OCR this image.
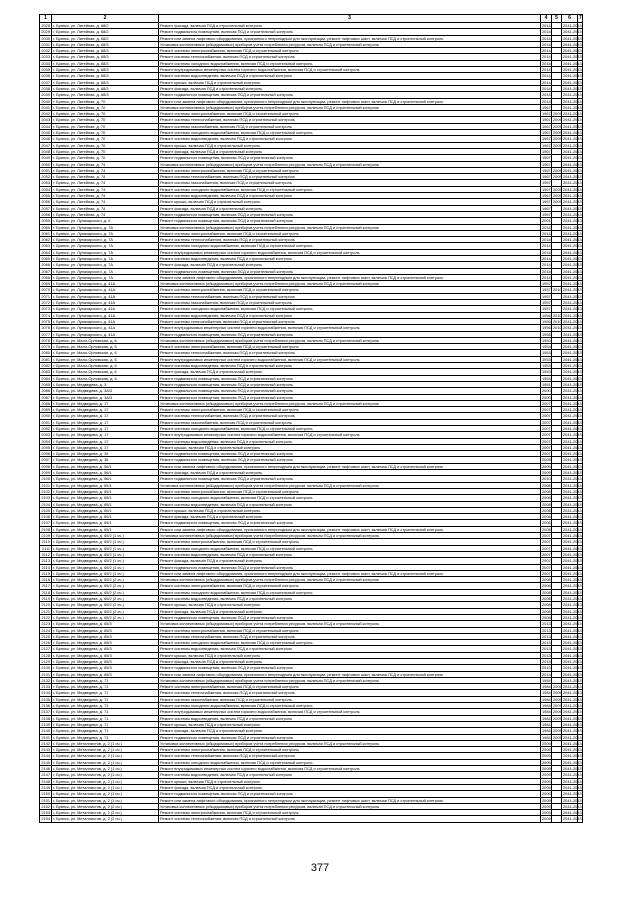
1	2	3	4	5	6	7
2028	г. Брянск, ул. Литейная, д. 68/2	Ремонт фасада, включая ПСД и строительный контроль	2014		2041-2043	
2029	г. Брянск, ул. Литейная, д. 68/2	Ремонт подвального помещения, включая ПСД и строительный контроль	2014		2041-2043	
2030	г. Брянск, ул. Литейная, д. 68/2	Ремонт или замена лифтового оборудования, признанного непригодным для эксплуатации, ремонт лифтовых шахт, включая ПСД и строительный контроль	2014		2041-2043	
2031	г. Брянск, ул. Литейная, д. 68/3	Установка коллективных (общедомовых) приборов учета потребления ресурсов, включая ПСД и строительный контроль	2014		2041-2043	
2032	г. Брянск, ул. Литейная, д. 68/3	Ремонт системы электроснабжения, включая ПСД и строительный контроль	2014		2041-2043	
2033	г. Брянск, ул. Литейная, д. 68/3	Ремонт системы теплоснабжения, включая ПСД и строительный контроль	2014		2041-2043	
2034	г. Брянск, ул. Литейная, д. 68/3	Ремонт системы холодного водоснабжения, включая ПСД и строительный контроль	2014		2041-2043	
2035	г. Брянск, ул. Литейная, д. 68/3	Ремонт внутридомовых инженерных систем горячего водоснабжения, включая ПСД и строительный контроль	2014		2041-2043	
2036	г. Брянск, ул. Литейная, д. 68/3	Ремонт системы водоотведения, включая ПСД и строительный контроль	2014		2041-2043	
2037	г. Брянск, ул. Литейная, д. 68/3	Ремонт крыши, включая ПСД и строительный контроль	2014		2041-2043	
2038	г. Брянск, ул. Литейная, д. 68/3	Ремонт фасада, включая ПСД и строительный контроль	2014		2041-2043	
2039	г. Брянск, ул. Литейная, д. 68/3	Ремонт подвального помещения, включая ПСД и строительный контроль	2014		2041-2043	
2040	г. Брянск, ул. Литейная, д. 70	Ремонт или замена лифтового оборудования, признанного непригодным для эксплуатации, ремонт лифтовых шахт, включая ПСД и строительный контроль	2014		2041-2043	
2041	г. Брянск, ул. Литейная, д. 70	Установка коллективных (общедомовых) приборов учета потребления ресурсов, включая ПСД и строительный контроль	1967		2041-2043	
2042	г. Брянск, ул. Литейная, д. 70	Ремонт системы электроснабжения, включая ПСД и строительный контроль	1967	2009	2041-2043	
2043	г. Брянск, ул. Литейная, д. 70	Ремонт системы теплоснабжения, включая ПСД и строительный контроль	1967	2009	2041-2043	
2044	г. Брянск, ул. Литейная, д. 70	Ремонт системы газоснабжения, включая ПСД и строительный контроль	1967	2009	2041-2043	
2045	г. Брянск, ул. Литейная, д. 70	Ремонт системы холодного водоснабжения, включая ПСД и строительный контроль	1967	2009	2041-2043	
2046	г. Брянск, ул. Литейная, д. 70	Ремонт системы водоотведения, включая ПСД и строительный контроль	1967	2009	2041-2043	
2047	г. Брянск, ул. Литейная, д. 70	Ремонт крыши, включая ПСД и строительный контроль	1967	2009	2041-2043	
2048	г. Брянск, ул. Литейная, д. 70	Ремонт фасада, включая ПСД и строительный контроль	1967		2041-2043	
2049	г. Брянск, ул. Литейная, д. 70	Ремонт подвального помещения, включая ПСД и строительный контроль	1967		2041-2043	
2050	г. Брянск, ул. Литейная, д. 74	Установка коллективных (общедомовых) приборов учета потребления ресурсов, включая ПСД и строительный контроль	1967		2041-2043	
2051	г. Брянск, ул. Литейная, д. 74	Ремонт системы электроснабжения, включая ПСД и строительный контроль	1967	2009	2041-2043	
2052	г. Брянск, ул. Литейная, д. 74	Ремонт системы теплоснабжения, включая ПСД и строительный контроль	1967	2009	2041-2043	
2053	г. Брянск, ул. Литейная, д. 74	Ремонт системы газоснабжения, включая ПСД и строительный контроль	1967		2041-2043	
2054	г. Брянск, ул. Литейная, д. 74	Ремонт системы холодного водоснабжения, включая ПСД и строительный контроль	1967	2009	2041-2043	
2055	г. Брянск, ул. Литейная, д. 74	Ремонт системы водоотведения, включая ПСД и строительный контроль	1967	2009	2041-2043	
2056	г. Брянск, ул. Литейная, д. 74	Ремонт крыши, включая ПСД и строительный контроль	1967	2009	2041-2043	
2057	г. Брянск, ул. Литейная, д. 74	Ремонт фасада, включая ПСД и строительный контроль	1967		2041-2043	
2058	г. Брянск, ул. Литейная, д. 74	Ремонт подвального помещения, включая ПСД и строительный контроль	1967		2041-2043	
2059	г. Брянск, ул. Луначарского, д. 5	Ремонт подвального помещения, включая ПСД и строительный контроль	2001		2041-2043	
2060	г. Брянск, ул. Луначарского, д. 7А	Установка коллективных (общедомовых) приборов учета потребления ресурсов, включая ПСД и строительный контроль	2014		2041-2043	
2061	г. Брянск, ул. Луначарского, д. 7А	Ремонт системы электроснабжения, включая ПСД и строительный контроль	2014		2041-2043	
2062	г. Брянск, ул. Луначарского, д. 7А	Ремонт системы теплоснабжения, включая ПСД и строительный контроль	2014		2041-2043	
2063	г. Брянск, ул. Луначарского, д. 7А	Ремонт системы холодного водоснабжения, включая ПСД и строительный контроль	2014		2041-2043	
2064	г. Брянск, ул. Луначарского, д. 7А	Ремонт внутридомовых инженерных систем горячего водоснабжения, включая ПСД и строительный контроль	2014		2041-2043	
2065	г. Брянск, ул. Луначарского, д. 7А	Ремонт системы водоотведения, включая ПСД и строительный контроль	2014		2041-2043	
2066	г. Брянск, ул. Луначарского, д. 7А	Ремонт фасада, включая ПСД и строительный контроль	2014		2041-2043	
2067	г. Брянск, ул. Луначарского, д. 7А	Ремонт подвального помещения, включая ПСД и строительный контроль	2014		2041-2043	
2068	г. Брянск, ул. Луначарского, д. 7А	Ремонт или замена лифтового оборудования, признанного непригодным для эксплуатации, ремонт лифтовых шахт, включая ПСД и строительный контроль	2014		2041-2043	
2069	г. Брянск, ул. Луначарского, д. 41А	Установка коллективных (общедомовых) приборов учета потребления ресурсов, включая ПСД и строительный контроль	1957		2041-2043	
2070	г. Брянск, ул. Луначарского, д. 41А	Ремонт системы электроснабжения, включая ПСД и строительный контроль	1957	2010	2041-2043	
2071	г. Брянск, ул. Луначарского, д. 41А	Ремонт системы теплоснабжения, включая ПСД и строительный контроль	1957		2041-2043	
2072	г. Брянск, ул. Луначарского, д. 41А	Ремонт системы газоснабжения, включая ПСД и строительный контроль	1957		2041-2043	
2073	г. Брянск, ул. Луначарского, д. 41А	Ремонт системы холодного водоснабжения, включая ПСД и строительный контроль	1957		2041-2043	
2074	г. Брянск, ул. Луначарского, д. 41А	Ремонт системы водоотведения, включая ПСД и строительный контроль	1956	2010	2041-2043	
2075	г. Брянск, ул. Луначарского, д. 41А	Ремонт системы теплоснабжения, включая ПСД и строительный контроль	1956	2010	2041-2043	
2076	г. Брянск, ул. Луначарского, д. 41А	Ремонт внутридомовых инженерных систем горячего водоснабжения, включая ПСД и строительный контроль	1956	2010	2041-2043	
2077	г. Брянск, ул. Луначарского, д. 41А	Ремонт подвального помещения, включая ПСД и строительный контроль	1956		2041-2043	
2078	г. Брянск, ул. Мало-Орловская, д. 6	Установка коллективных (общедомовых) приборов учета потребления ресурсов, включая ПСД и строительный контроль	1953		2041-2043	
2079	г. Брянск, ул. Мало-Орловская, д. 6	Ремонт системы электроснабжения, включая ПСД и строительный контроль	1953		2041-2043	
2080	г. Брянск, ул. Мало-Орловская, д. 6	Ремонт системы теплоснабжения, включая ПСД и строительный контроль	1953		2041-2043	
2081	г. Брянск, ул. Мало-Орловская, д. 6	Ремонт внутридомовых инженерных систем горячего водоснабжения, включая ПСД и строительный контроль	1953		2041-2043	
2082	г. Брянск, ул. Мало-Орловская, д. 6	Ремонт системы водоотведения, включая ПСД и строительный контроль	1953		2041-2043	
2083	г. Брянск, ул. Мало-Орловская, д. 6	Ремонт фасада, включая ПСД и строительный контроль	1953		2041-2043	
2084	г. Брянск, ул. Мало-Орловская, д. 6	Ремонт подвального помещения, включая ПСД и строительный контроль	1953		2041-2043	
2085	г. Брянск, ул. Медведева, д. 3	Ремонт подвального помещения, включая ПСД и строительный контроль	1951		2041-2043	
2086	г. Брянск, ул. Медведева, д. 3А/3	Ремонт подвального помещения, включая ПСД и строительный контроль	2000		2041-2043	
2087	г. Брянск, ул. Медведева, д. 3А/3	Ремонт подвального помещения, включая ПСД и строительный контроль	2000		2041-2043	
2088	г. Брянск, ул. Медведева, д. 17	Установка коллективных (общедомовых) приборов учета потребления ресурсов, включая ПСД и строительный контроль	2007		2041-2043	
2089	г. Брянск, ул. Медведева, д. 17	Ремонт системы электроснабжения, включая ПСД и строительный контроль	2007		2041-2043	
2090	г. Брянск, ул. Медведева, д. 17	Ремонт системы теплоснабжения, включая ПСД и строительный контроль	2007		2041-2043	
2091	г. Брянск, ул. Медведева, д. 17	Ремонт системы газоснабжения, включая ПСД и строительный контроль	2007		2041-2043	
2092	г. Брянск, ул. Медведева, д. 17	Ремонт системы холодного водоснабжения, включая ПСД и строительный контроль	2007		2041-2043	
2093	г. Брянск, ул. Медведева, д. 17	Ремонт внутридомовых инженерных систем горячего водоснабжения, включая ПСД и строительный контроль	2007		2041-2043	
2094	г. Брянск, ул. Медведева, д. 17	Ремонт системы водоотведения, включая ПСД и строительный контроль	2007		2041-2043	
2095	г. Брянск, ул. Медведева, д. 17	Ремонт крыши, включая ПСД и строительный контроль	2007		2041-2043	
2096	г. Брянск, ул. Медведева, д. 34	Ремонт подвального помещения, включая ПСД и строительный контроль	2007		2041-2043	
2097	г. Брянск, ул. Медведева, д. 36	Ремонт подвального помещения, включая ПСД и строительный контроль	2008		2041-2043	
2098	г. Брянск, ул. Медведева, д. 56/1	Ремонт или замена лифтового оборудования, признанного непригодным для эксплуатации, ремонт лифтовых шахт, включая ПСД и строительный контроль	2009		2041-2043	
2099	г. Брянск, ул. Медведева, д. 56/1	Ремонт фасада, включая ПСД и строительный контроль	2009		2041-2043	
2100	г. Брянск, ул. Медведева, д. 56/1	Ремонт подвального помещения, включая ПСД и строительный контроль	2010		2041-2043	
2101	г. Брянск, ул. Медведева, д. 65/1	Установка коллективных (общедомовых) приборов учета потребления ресурсов, включая ПСД и строительный контроль	2008		2041-2043	
2102	г. Брянск, ул. Медведева, д. 65/1	Ремонт системы электроснабжения, включая ПСД и строительный контроль	2008		2041-2043	
2103	г. Брянск, ул. Медведева, д. 65/1	Ремонт системы холодного водоснабжения, включая ПСД и строительный контроль	2008		2041-2043	
2104	г. Брянск, ул. Медведева, д. 65/1	Ремонт системы водоотведения, включая ПСД и строительный контроль	2008		2041-2043	
2105	г. Брянск, ул. Медведева, д. 65/1	Ремонт крыши, включая ПСД и строительный контроль	2008		2041-2043	
2106	г. Брянск, ул. Медведева, д. 65/1	Ремонт фасада, включая ПСД и строительный контроль	2008		2041-2043	
2107	г. Брянск, ул. Медведева, д. 65/1	Ремонт подвального помещения, включая ПСД и строительный контроль	2008		2041-2043	
2108	г. Брянск, ул. Медведева, д. 65/1	Ремонт или замена лифтового оборудования, признанного непригодным для эксплуатации, ремонт лифтовых шахт, включая ПСД и строительный контроль	2008		2041-2043	
2109	г. Брянск, ул. Медведева, д. 65/2 (1 оч.)	Установка коллективных (общедомовых) приборов учета потребления ресурсов, включая ПСД и строительный контроль	2007		2041-2043	
2110	г. Брянск, ул. Медведева, д. 65/2 (1 оч.)	Ремонт системы электроснабжения, включая ПСД и строительный контроль	2007		2041-2043	
2111	г. Брянск, ул. Медведева, д. 65/2 (1 оч.)	Ремонт системы холодного водоснабжения, включая ПСД и строительный контроль	2007		2041-2043	
2112	г. Брянск, ул. Медведева, д. 65/2 (1 оч.)	Ремонт системы водоотведения, включая ПСД и строительный контроль	2007		2041-2043	
2113	г. Брянск, ул. Медведева, д. 65/2 (1 оч.)	Ремонт фасада, включая ПСД и строительный контроль	2007		2041-2043	
2114	г. Брянск, ул. Медведева, д. 65/2 (1 оч.)	Ремонт подвального помещения, включая ПСД и строительный контроль	2007		2041-2043	
2115	г. Брянск, ул. Медведева, д. 65/2 (1 оч.)	Ремонт или замена лифтового оборудования, признанного непригодным для эксплуатации, ремонт лифтовых шахт, включая ПСД и строительный контроль	2007		2041-2043	
2116	г. Брянск, ул. Медведева, д. 65/2 (2 оч.)	Установка коллективных (общедомовых) приборов учета потребления ресурсов, включая ПСД и строительный контроль	2008		2041-2043	
2117	г. Брянск, ул. Медведева, д. 65/2 (2 оч.)	Ремонт системы электроснабжения, включая ПСД и строительный контроль	2008		2041-2043	
2118	г. Брянск, ул. Медведева, д. 65/2 (2 оч.)	Ремонт системы холодного водоснабжения, включая ПСД и строительный контроль	2008		2041-2043	
2119	г. Брянск, ул. Медведева, д. 65/2 (2 оч.)	Ремонт системы водоотведения, включая ПСД и строительный контроль	2008		2041-2043	
2120	г. Брянск, ул. Медведева, д. 65/2 (2 оч.)	Ремонт крыши, включая ПСД и строительный контроль	2008		2041-2043	
2121	г. Брянск, ул. Медведева, д. 65/2 (2 оч.)	Ремонт фасада, включая ПСД и строительный контроль	2008		2041-2043	
2122	г. Брянск, ул. Медведева, д. 65/2 (2 оч.)	Ремонт подвального помещения, включая ПСД и строительный контроль	2008		2041-2043	
2123	г. Брянск, ул. Медведева, д. 65/3	Установка коллективных (общедомовых) приборов учета потребления ресурсов, включая ПСД и строительный контроль	2013		2041-2043	
2124	г. Брянск, ул. Медведева, д. 65/3	Ремонт системы электроснабжения, включая ПСД и строительный контроль	2013		2041-2043	
2125	г. Брянск, ул. Медведева, д. 65/3	Ремонт системы теплоснабжения, включая ПСД и строительный контроль	2013		2041-2043	
2126	г. Брянск, ул. Медведева, д. 65/3	Ремонт системы холодного водоснабжения, включая ПСД и строительный контроль	2013		2041-2043	
2127	г. Брянск, ул. Медведева, д. 65/3	Ремонт системы водоотведения, включая ПСД и строительный контроль	2013		2041-2043	
2128	г. Брянск, ул. Медведева, д. 65/3	Ремонт крыши, включая ПСД и строительный контроль	2013		2041-2043	
2129	г. Брянск, ул. Медведева, д. 65/3	Ремонт фасада, включая ПСД и строительный контроль	2013		2041-2043	
2130	г. Брянск, ул. Медведева, д. 65/3	Ремонт подвального помещения, включая ПСД и строительный контроль	2013		2041-2043	
2131	г. Брянск, ул. Медведева, д. 65/3	Ремонт или замена лифтового оборудования, признанного непригодным для эксплуатации, ремонт лифтовых шахт, включая ПСД и строительный контроль	2013		2041-2043	
2132	г. Брянск, ул. Медведева, д. 71	Установка коллективных (общедомовых) приборов учета потребления ресурсов, включая ПСД и строительный контроль	1984		2041-2043	
2133	г. Брянск, ул. Медведева, д. 71	Ремонт системы электроснабжения, включая ПСД и строительный контроль	1984	2009	2041-2043	
2134	г. Брянск, ул. Медведева, д. 71	Ремонт системы теплоснабжения, включая ПСД и строительный контроль	1984	2009	2041-2043	
2135	г. Брянск, ул. Медведева, д. 71	Ремонт системы газоснабжения, включая ПСД и строительный контроль	1984	2009	2041-2043	
2136	г. Брянск, ул. Медведева, д. 71	Ремонт системы холодного водоснабжения, включая ПСД и строительный контроль	1984	2009	2041-2043	
2137	г. Брянск, ул. Медведева, д. 71	Ремонт внутридомовых инженерных систем горячего водоснабжения, включая ПСД и строительный контроль	1984	2009	2041-2043	
2138	г. Брянск, ул. Медведева, д. 71	Ремонт системы водоотведения, включая ПСД и строительный контроль	1984	2009	2041-2043	
2139	г. Брянск, ул. Медведева, д. 71	Ремонт крыши, включая ПСД и строительный контроль	1984		2041-2043	
2140	г. Брянск, ул. Медведева, д. 71	Ремонт фасада, включая ПСД и строительный контроль	1984	2009	2041-2043	
2141	г. Брянск, ул. Медведева, д. 71	Ремонт подвального помещения, включая ПСД и строительный контроль	1984	2009	2041-2043	
2142	г. Брянск, ул. Металлистов, д. 2 (1 оч.)	Установка коллективных (общедомовых) приборов учета потребления ресурсов, включая ПСД и строительный контроль	2009		2041-2043	
2143	г. Брянск, ул. Металлистов, д. 2 (1 оч.)	Ремонт системы электроснабжения, включая ПСД и строительный контроль	2009		2041-2043	
2144	г. Брянск, ул. Металлистов, д. 2 (1 оч.)	Ремонт системы теплоснабжения, включая ПСД и строительный контроль	2009		2041-2043	
2145	г. Брянск, ул. Металлистов, д. 2 (1 оч.)	Ремонт системы холодного водоснабжения, включая ПСД и строительный контроль	2009		2041-2043	
2146	г. Брянск, ул. Металлистов, д. 2 (1 оч.)	Ремонт внутридомовых инженерных систем горячего водоснабжения, включая ПСД и строительный контроль	2009		2041-2043	
2147	г. Брянск, ул. Металлистов, д. 2 (1 оч.)	Ремонт системы водоотведения, включая ПСД и строительный контроль	2009		2041-2043	
2148	г. Брянск, ул. Металлистов, д. 2 (1 оч.)	Ремонт крыши, включая ПСД и строительный контроль	2009		2041-2043	
2149	г. Брянск, ул. Металлистов, д. 2 (1 оч.)	Ремонт фасада, включая ПСД и строительный контроль	2009		2041-2043	
2150	г. Брянск, ул. Металлистов, д. 2 (1 оч.)	Ремонт подвального помещения, включая ПСД и строительный контроль	2009		2041-2043	
2151	г. Брянск, ул. Металлистов, д. 2 (1 оч.)	Ремонт или замена лифтового оборудования, признанного непригодным для эксплуатации, ремонт лифтовых шахт, включая ПСД и строительный контроль	2009		2041-2043	
2152	г. Брянск, ул. Металлистов, д. 2 (2 оч.)	Установка коллективных (общедомовых) приборов учета потребления ресурсов, включая ПСД и строительный контроль	2009		2041-2043	
2153	г. Брянск, ул. Металлистов, д. 2 (2 оч.)	Ремонт системы электроснабжения, включая ПСД и строительный контроль	2009		2041-2043	
2154	г. Брянск, ул. Металлистов, д. 2 (2 оч.)	Ремонт системы теплоснабжения, включая ПСД и строительный контроль	2009		2041-2043	
377
